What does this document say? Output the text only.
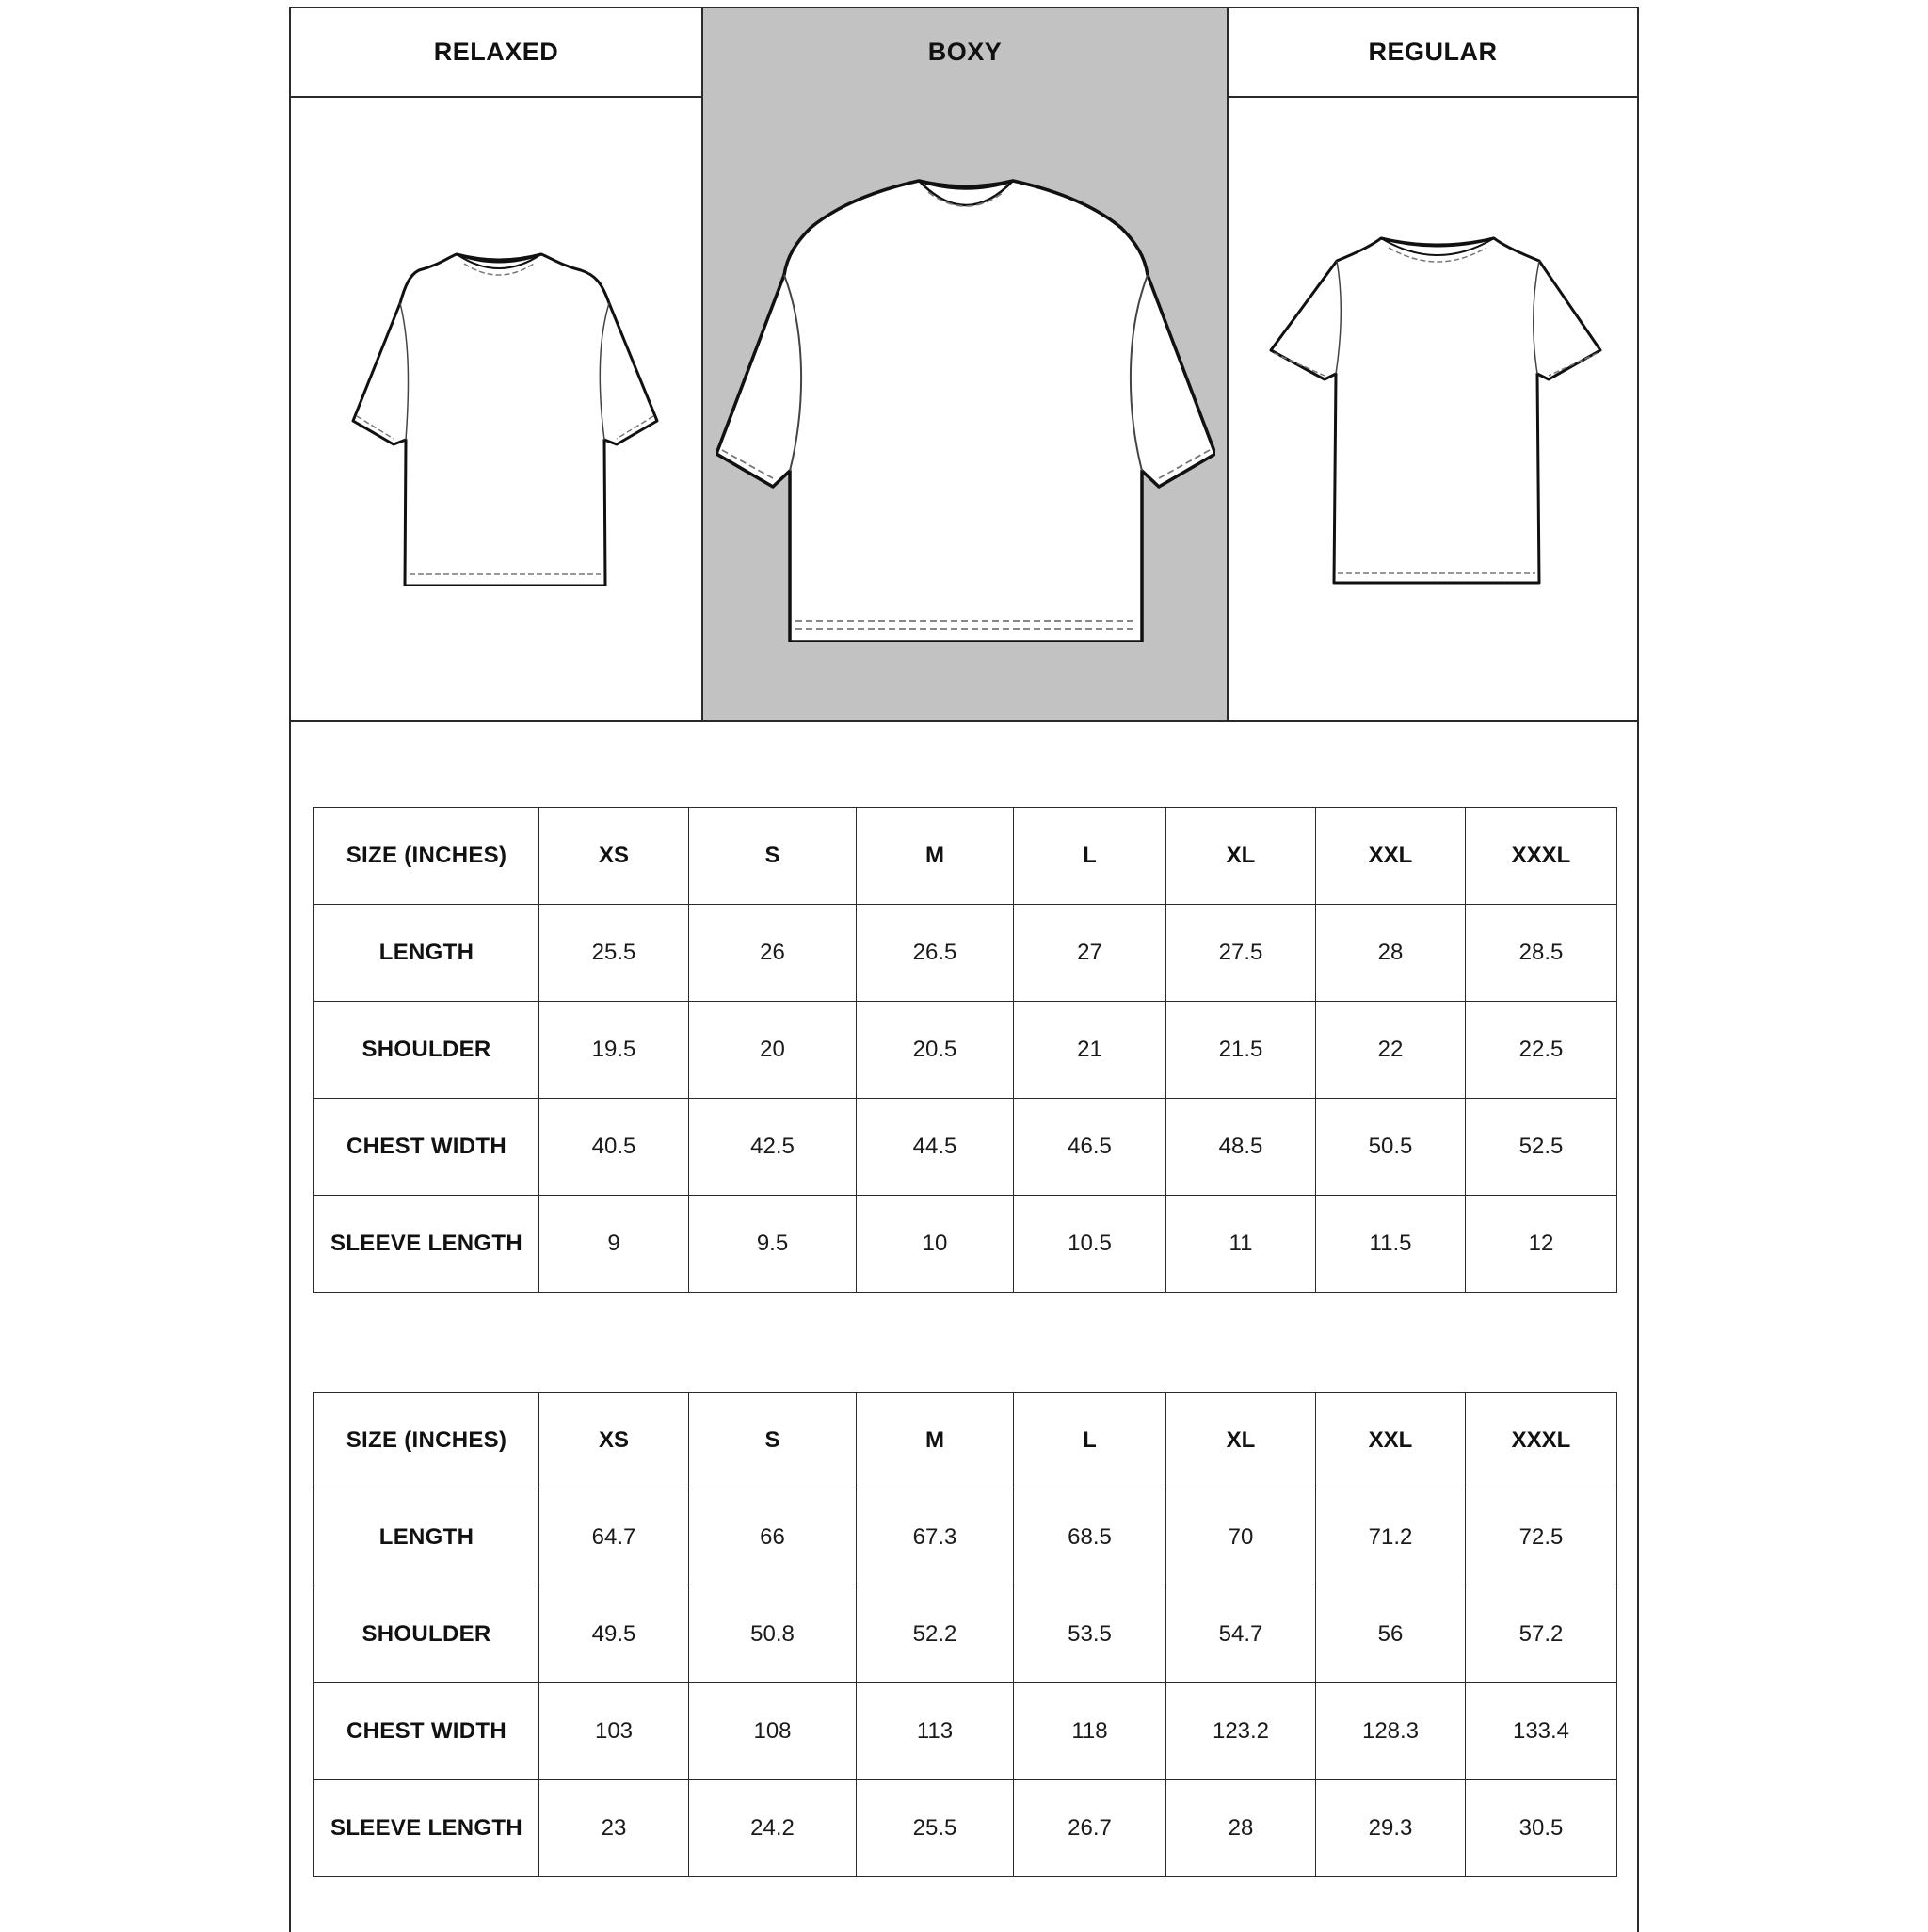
RELAXED	BOXY	REGULAR
SIZE (INCHES)	XS	S	M	L	XL	XXL	XXXL
LENGTH	25.5	26	26.5	27	27.5	28	28.5
SHOULDER	19.5	20	20.5	21	21.5	22	22.5
CHEST WIDTH	40.5	42.5	44.5	46.5	48.5	50.5	52.5
SLEEVE LENGTH	9	9.5	10	10.5	11	11.5	12
SIZE (INCHES)	XS	S	M	L	XL	XXL	XXXL
LENGTH	64.7	66	67.3	68.5	70	71.2	72.5
SHOULDER	49.5	50.8	52.2	53.5	54.7	56	57.2
CHEST WIDTH	103	108	113	118	123.2	128.3	133.4
SLEEVE LENGTH	23	24.2	25.5	26.7	28	29.3	30.5
